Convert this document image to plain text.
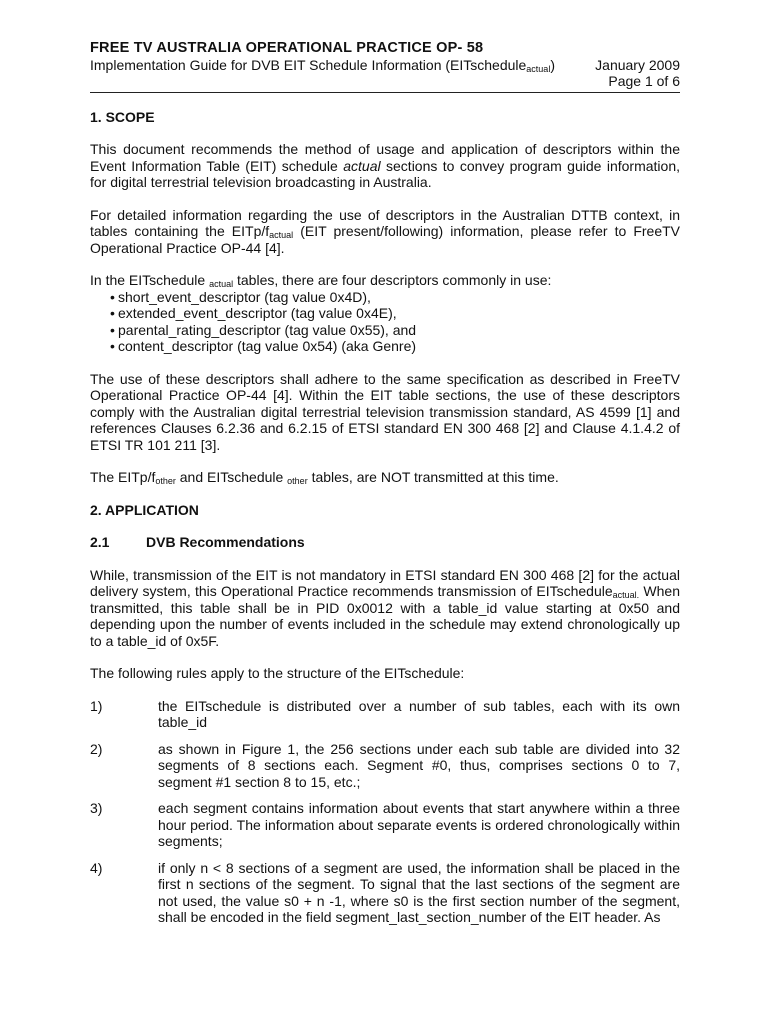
FREE TV AUSTRALIA OPERATIONAL PRACTICE OP- 58
Implementation Guide for DVB EIT Schedule Information (EITschedule$_{actual}$)	January 2009
Page 1 of 6
1. SCOPE

This document recommends the method of usage and application of descriptors within the Event Information Table (EIT) schedule actual sections to convey program guide information, for digital terrestrial television broadcasting in Australia.

For detailed information regarding the use of descriptors in the Australian DTTB context, in tables containing the EITp/$f_{actual}$ (EIT present/following) information, please refer to FreeTV Operational Practice OP-44 [4].

In the EITschedule $_{actual}$ tables, there are four descriptors commonly in use:

• short_event_descriptor (tag value 0x4D),
• extended_event_descriptor (tag value 0x4E),
• parental_rating_descriptor (tag value 0x55), and
• content_descriptor (tag value 0x54) (aka Genre)

The use of these descriptors shall adhere to the same specification as described in FreeTV Operational Practice OP-44 [4]. Within the EIT table sections, the use of these descriptors comply with the Australian digital terrestrial television transmission standard, AS 4599 [1] and references Clauses 6.2.36 and 6.2.15 of ETSI standard EN 300 468 [2] and Clause 4.1.4.2 of ETSI TR 101 211 [3].

The EITp/$f_{other}$ and EITschedule $_{other}$ tables, are NOT transmitted at this time.

2. APPLICATION
2.1	DVB Recommendations

While, transmission of the EIT is not mandatory in ETSI standard EN 300 468 [2] for the actual delivery system, this Operational Practice recommends transmission of EITschedule$_{actual.}$ When transmitted, this table shall be in PID 0x0012 with a table_id value starting at 0x50 and depending upon the number of events included in the schedule may extend chronologically up to a table_id of 0x5F.

The following rules apply to the structure of the EITschedule:

1)	the EITschedule is distributed over a number of sub tables, each with its own table_id
2)	as shown in Figure 1, the 256 sections under each sub table are divided into 32 segments of 8 sections each. Segment #0, thus, comprises sections 0 to 7, segment #1 section 8 to 15, etc.;
3)	each segment contains information about events that start anywhere within a three hour period. The information about separate events is ordered chronologically within segments;
4)	if only n < 8 sections of a segment are used, the information shall be placed in the first n sections of the segment. To signal that the last sections of the segment are not used, the value s0 + n -1, where s0 is the first section number of the segment, shall be encoded in the field segment_last_section_number of the EIT header. As
